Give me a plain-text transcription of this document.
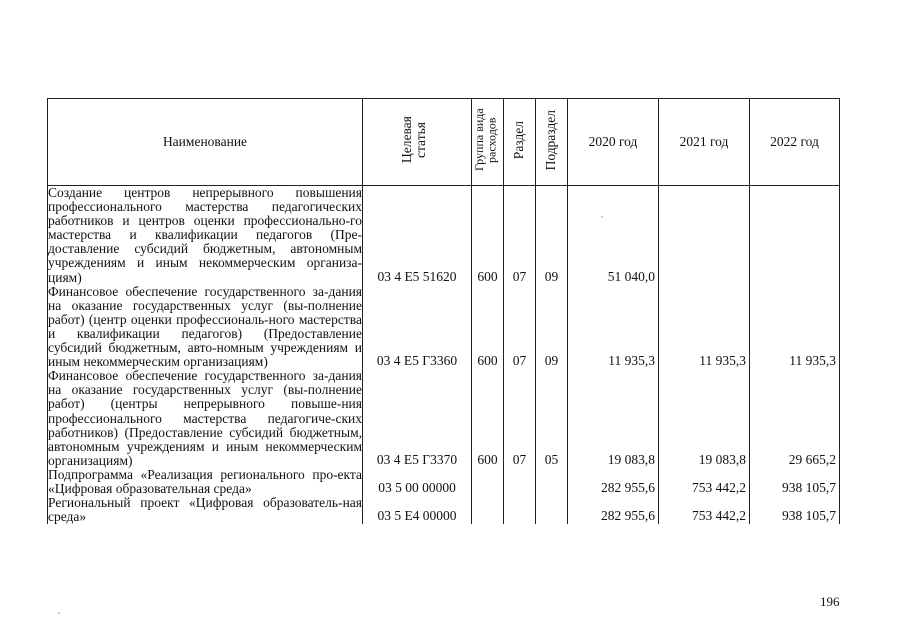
Наименование	Целевая статья	Группа вида расходов	Раздел	Подраздел	2020 год	2021 год	2022 год
Создание центров непрерывного повышения профессионального мастерства педагогических работников и центров оценки профессионально-го мастерства и квалификации педагогов (Пре-доставление субсидий бюджетным, автономным учреждениям и иным некоммерческим организа-циям)	03 4 Е5 51620	600	07	09	51 040,0		
Финансовое обеспечение государственного за-дания на оказание государственных услуг (вы-полнение работ) (центр оценки профессиональ-ного мастерства и квалификации педагогов) (Предоставление субсидий бюджетным, авто-номным учреждениям и иным некоммерческим организациям)	03 4 Е5 Г3360	600	07	09	11 935,3	11 935,3	11 935,3
Финансовое обеспечение государственного за-дания на оказание государственных услуг (вы-полнение работ) (центры непрерывного повыше-ния профессионального мастерства педагогиче-ских работников) (Предоставление субсидий бюджетным, автономным учреждениям и иным некоммерческим организациям)	03 4 Е5 Г3370	600	07	05	19 083,8	19 083,8	29 665,2
Подпрограмма «Реализация регионального про-екта «Цифровая образовательная среда»	03 5 00 00000				282 955,6	753 442,2	938 105,7
Региональный проект «Цифровая образователь-ная среда»	03 5 Е4 00000				282 955,6	753 442,2	938 105,7
196
